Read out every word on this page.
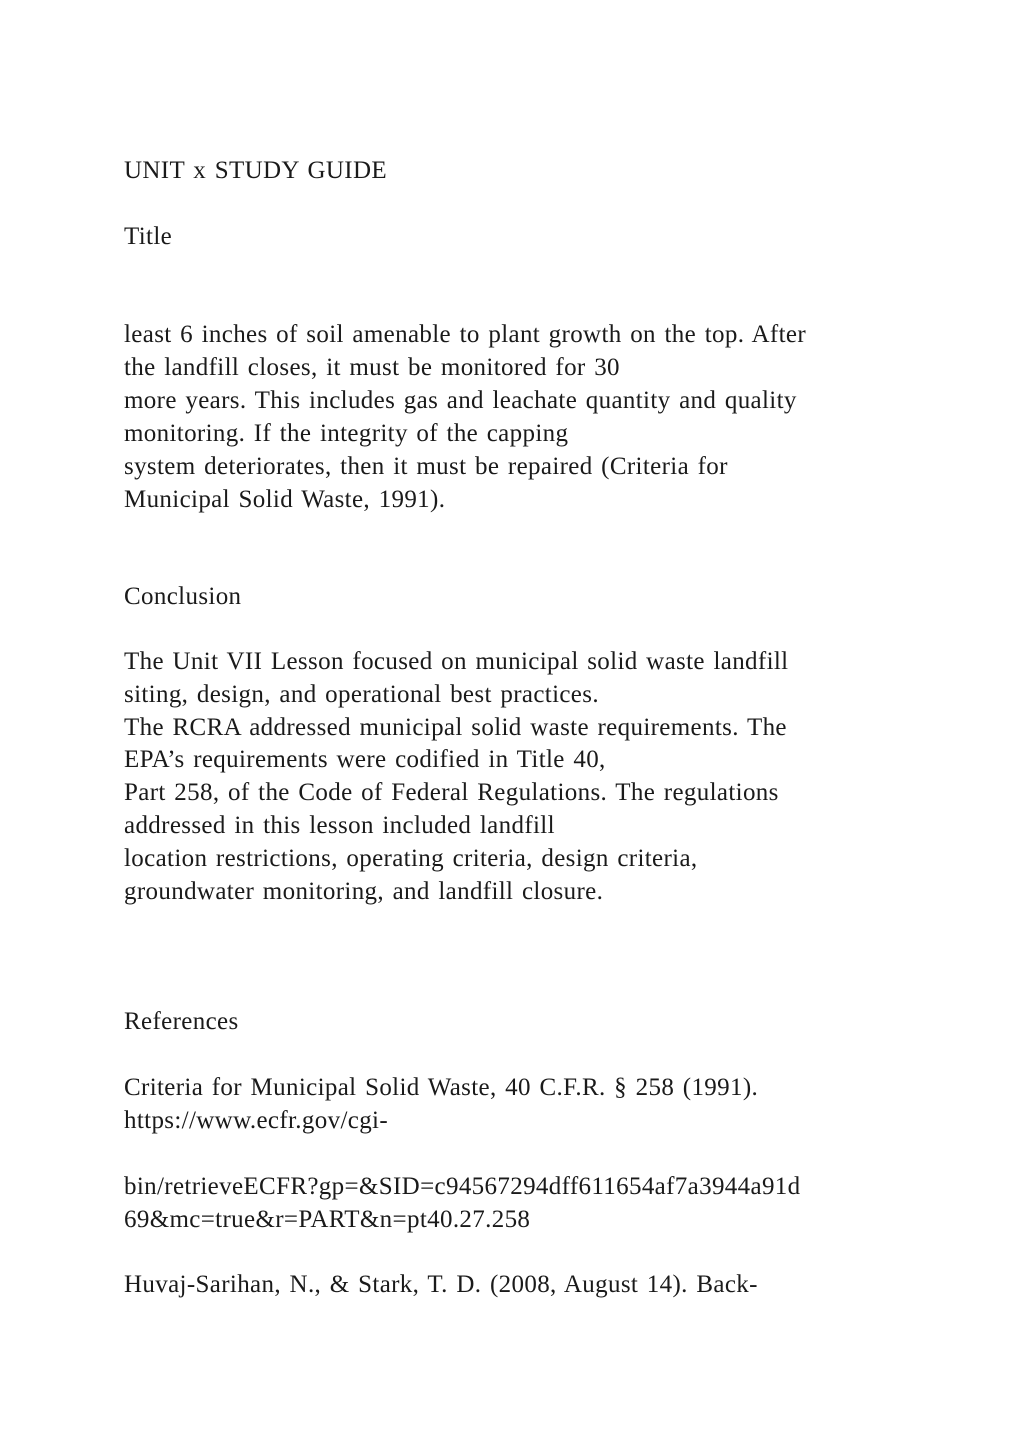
UNIT x STUDY GUIDE
Title
least 6 inches of soil amenable to plant growth on the top. After
the landfill closes, it must be monitored for 30
more years. This includes gas and leachate quantity and quality
monitoring. If the integrity of the capping
system deteriorates, then it must be repaired (Criteria for
Municipal Solid Waste, 1991).
Conclusion
The Unit VII Lesson focused on municipal solid waste landfill
siting, design, and operational best practices.
The RCRA addressed municipal solid waste requirements. The
EPA’s requirements were codified in Title 40,
Part 258, of the Code of Federal Regulations. The regulations
addressed in this lesson included landfill
location restrictions, operating criteria, design criteria,
groundwater monitoring, and landfill closure.
References
Criteria for Municipal Solid Waste, 40 C.F.R. § 258 (1991).
https://www.ecfr.gov/cgi-
bin/retrieveECFR?gp=&SID=c94567294dff611654af7a3944a91d
69&mc=true&r=PART&n=pt40.27.258
Huvaj-Sarihan, N., & Stark, T. D. (2008, August 14). Back-
